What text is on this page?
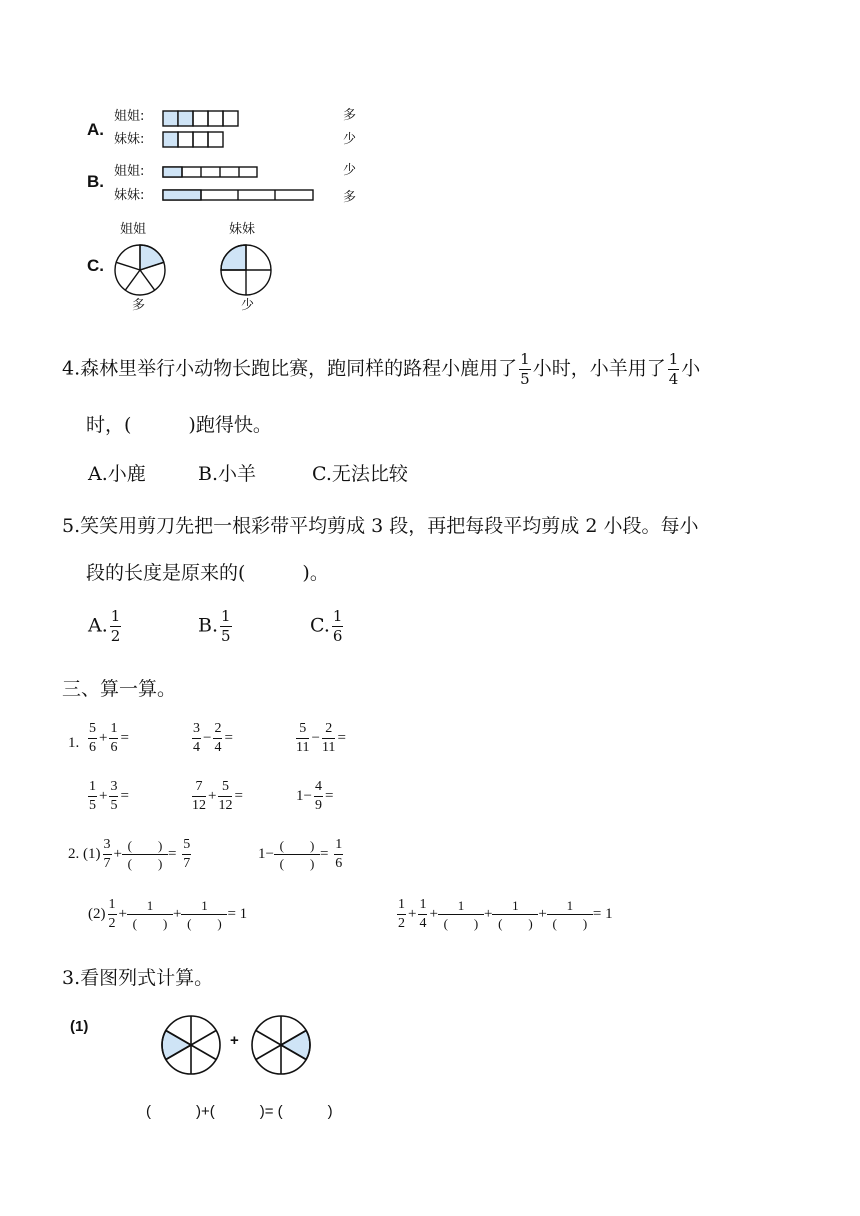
A.
姐姐:
妹妹:
多
少
B.
姐姐:
妹妹:
少
多
C.
姐姐	妹妹
多	少
4.森林里举行小动物长跑比赛，跑同样的路程小鹿用了 $\frac{1}{5}$ 小时，小羊用了 $\frac{1}{4}$ 小
时，(　　　)跑得快。
A.小鹿	B.小羊	C.无法比较
5.笑笑用剪刀先把一根彩带平均剪成 3 段，再把每段平均剪成 2 小段。每小
段的长度是原来的(　　　)。
A. $\frac{1}{2}$	B. $\frac{1}{5}$	C. $\frac{1}{6}$
三、算一算。
1. $\frac{5}{6} + \frac{1}{6}$ =	$\frac{3}{4} - \frac{2}{4}$ =	$\frac{5}{11} - \frac{2}{11}$ =
$\frac{1}{5} + \frac{3}{5}$ =	$\frac{7}{12} + \frac{5}{12}$ =	$1- \frac{4}{9}$ =
2. $(1) \frac{3}{7}$ +
(　　)
(　　)
= $\frac{5}{7}$	1−
(　　)
(　　)
= $\frac{1}{6}$
$(2) \frac{1}{2}$ +
1
(　　)
+
1
(　　)
= 1	$\frac{1}{2} + \frac{1}{4}$ +
1
(　　)
+
1
(　　)
+
1
(　　)
= 1
3.看图列式计算。
(1)
+
(　　　)+(　　　)= (　　　)
